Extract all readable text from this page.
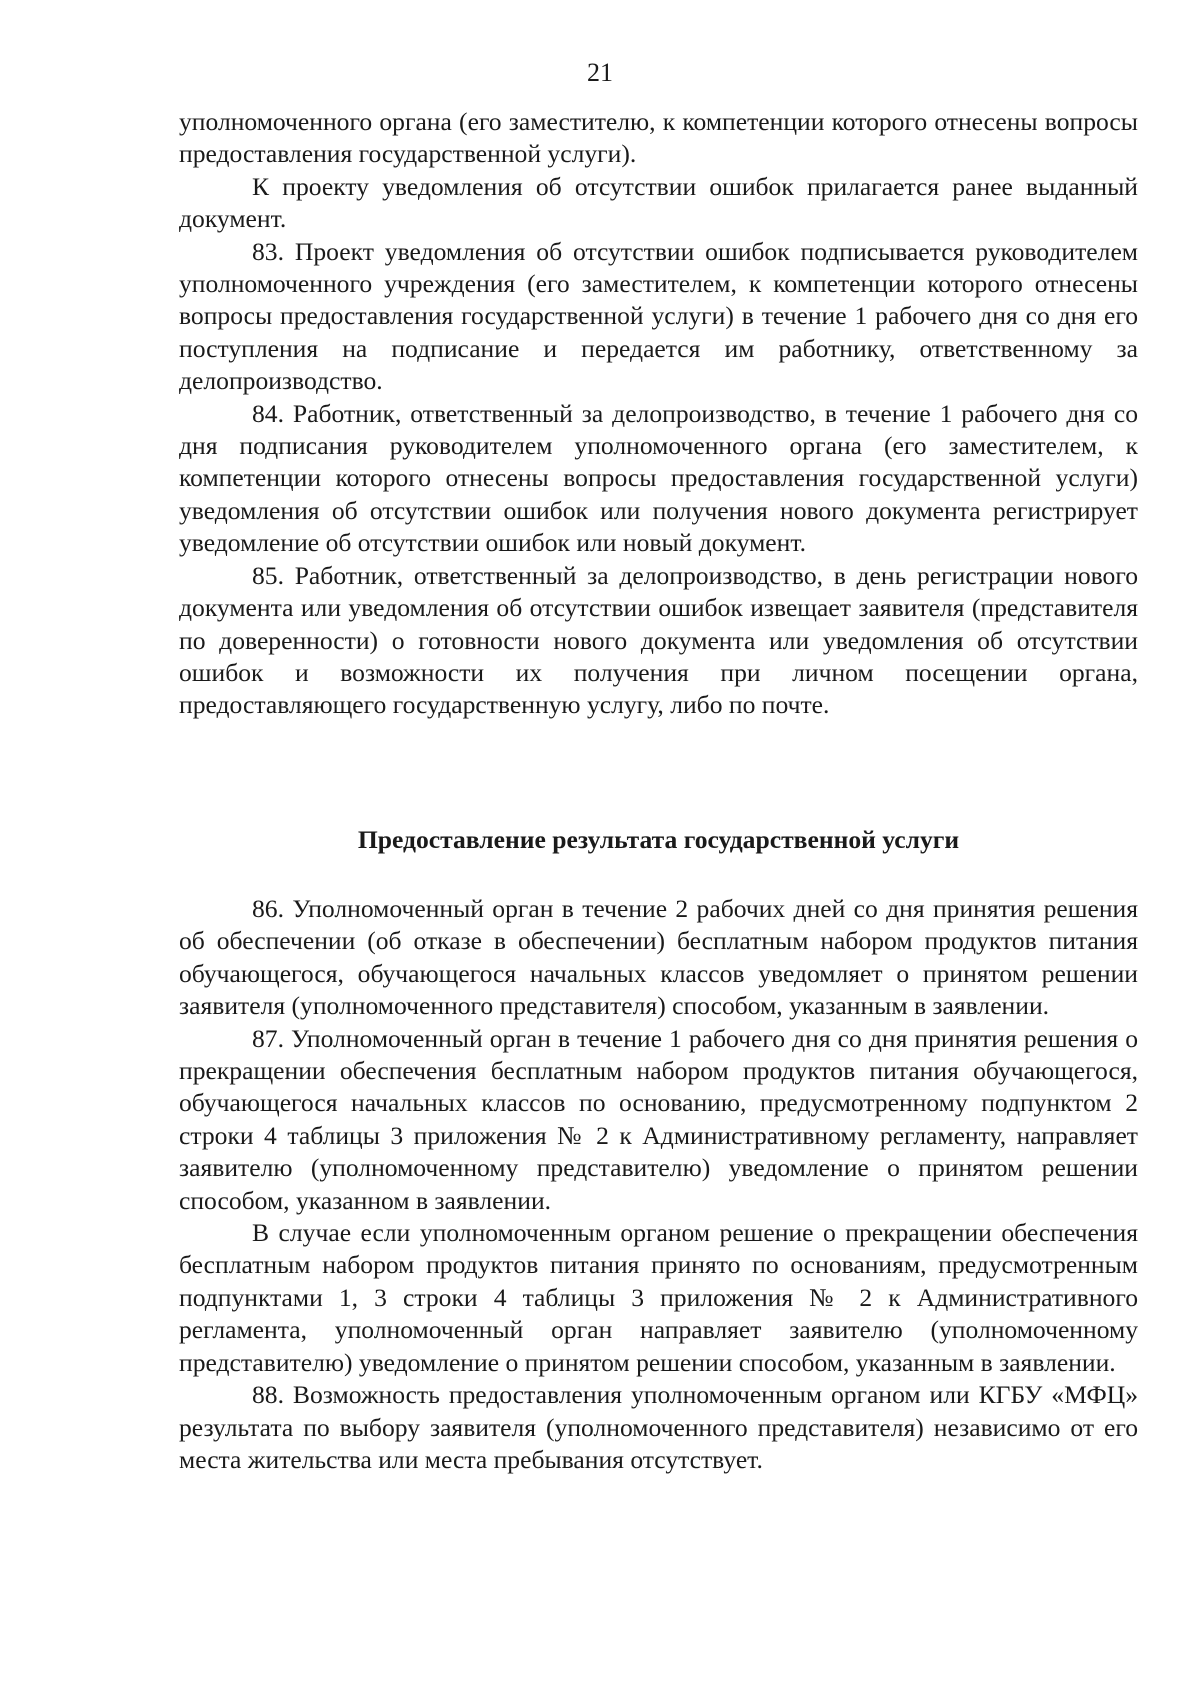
21

уполномоченного органа (его заместителю, к компетенции которого отнесены вопросы предоставления государственной услуги).

К проекту уведомления об отсутствии ошибок прилагается ранее выданный документ.

83. Проект уведомления об отсутствии ошибок подписывается руководителем уполномоченного учреждения (его заместителем, к компетенции которого отнесены вопросы предоставления государственной услуги) в течение 1 рабочего дня со дня его поступления на подписание и передается им работнику, ответственному за делопроизводство.

84. Работник, ответственный за делопроизводство, в течение 1 рабочего дня со дня подписания руководителем уполномоченного органа (его заместителем, к компетенции которого отнесены вопросы предоставления государственной услуги) уведомления об отсутствии ошибок или получения нового документа регистрирует уведомление об отсутствии ошибок или новый документ.

85. Работник, ответственный за делопроизводство, в день регистрации нового документа или уведомления об отсутствии ошибок извещает заявителя (представителя по доверенности) о готовности нового документа или уведомления об отсутствии ошибок и возможности их получения при личном посещении органа, предоставляющего государственную услугу, либо по почте.

Предоставление результата государственной услуги

86. Уполномоченный орган в течение 2 рабочих дней со дня принятия решения об обеспечении (об отказе в обеспечении) бесплатным набором продуктов питания обучающегося, обучающегося начальных классов уведомляет о принятом решении заявителя (уполномоченного представителя) способом, указанным в заявлении.

87. Уполномоченный орган в течение 1 рабочего дня со дня принятия решения о прекращении обеспечения бесплатным набором продуктов питания обучающегося, обучающегося начальных классов по основанию, предусмотренному подпунктом 2 строки 4 таблицы 3 приложения № 2 к Административному регламенту, направляет заявителю (уполномоченному представителю) уведомление о принятом решении способом, указанном в заявлении.

В случае если уполномоченным органом решение о прекращении обеспечения бесплатным набором продуктов питания принято по основаниям, предусмотренным подпунктами 1, 3 строки 4 таблицы 3 приложения № 2 к Административного регламента, уполномоченный орган направляет заявителю (уполномоченному представителю) уведомление о принятом решении способом, указанным в заявлении.

88. Возможность предоставления уполномоченным органом или КГБУ «МФЦ» результата по выбору заявителя (уполномоченного представителя) независимо от его места жительства или места пребывания отсутствует.
